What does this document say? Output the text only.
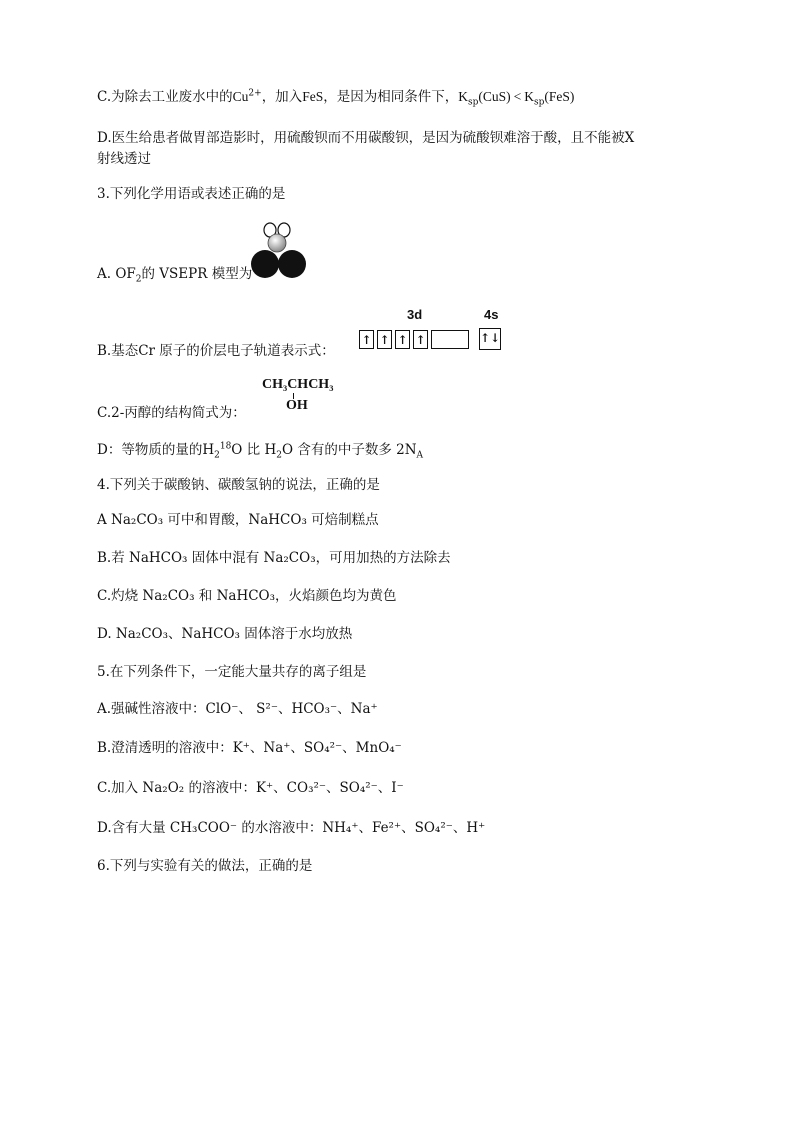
C.为除去工业废水中的$Cu^{2+}$，加入FeS，是因为相同条件下，$K_{sp}(CuS) < K_{sp}(FeS)$
D.医生给患者做胃部造影时，用硫酸钡而不用碳酸钡，是因为硫酸钡难溶于酸，且不能被X
射线透过
3.下列化学用语或表述正确的是
A. $OF_2$的 VSEPR 模型为
B.基态Cr 原子的价层电子轨道表示式：
3d	4s
↑ ↑ ↑ ↑	↑↓
C.2-丙醇的结构简式为：
CH₃CHCH₃
OH
D：等物质的量的$H_2^{18}O$ 比 $H_2O$ 含有的中子数多 $2N_A$
4.下列关于碳酸钠、碳酸氢钠的说法，正确的是
A Na₂CO₃ 可中和胃酸，NaHCO₃ 可焙制糕点
B.若 NaHCO₃ 固体中混有 Na₂CO₃，可用加热的方法除去
C.灼烧 Na₂CO₃ 和 NaHCO₃，火焰颜色均为黄色
D. Na₂CO₃、NaHCO₃ 固体溶于水均放热
5.在下列条件下，一定能大量共存的离子组是
A.强碱性溶液中：ClO⁻、 S²⁻、HCO₃⁻、Na⁺
B.澄清透明的溶液中：K⁺、Na⁺、SO₄²⁻、MnO₄⁻
C.加入 Na₂O₂ 的溶液中：K⁺、CO₃²⁻、SO₄²⁻、I⁻
D.含有大量 CH₃COO⁻ 的水溶液中：NH₄⁺、Fe²⁺、SO₄²⁻、H⁺
6.下列与实验有关的做法，正确的是
